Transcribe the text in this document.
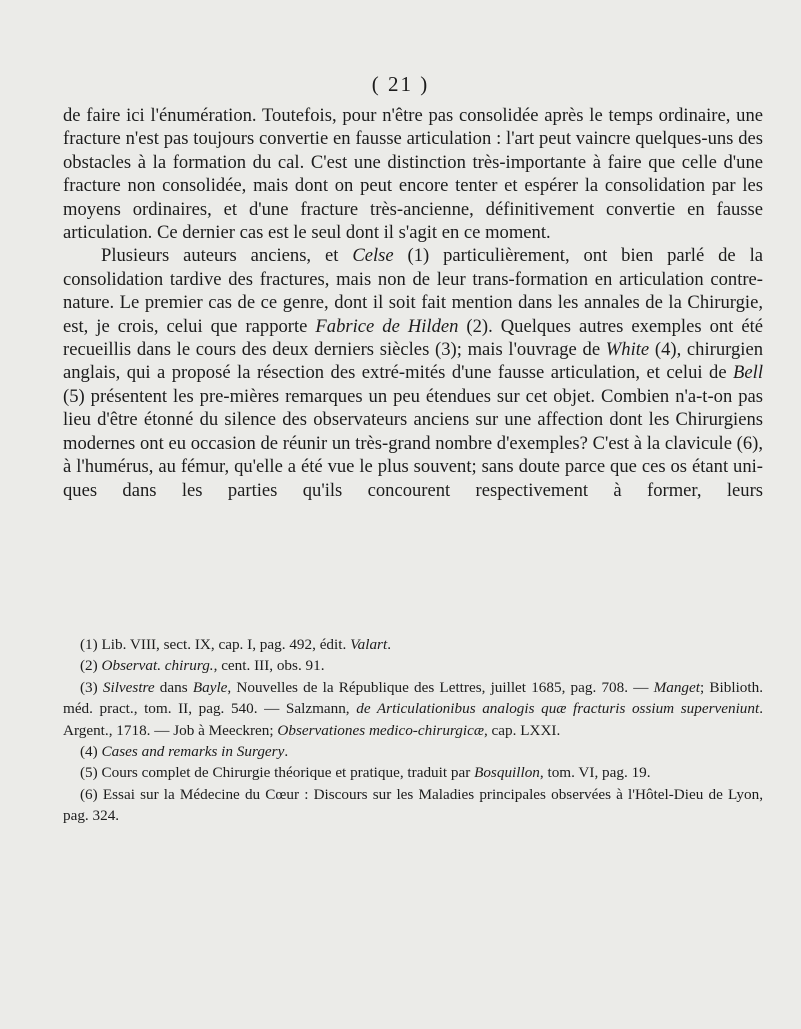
( 21 )

de faire ici l'énumération. Toutefois, pour n'être pas consolidée après le temps ordinaire, une fracture n'est pas toujours convertie en fausse articulation : l'art peut vaincre quelques-uns des obstacles à la formation du cal. C'est une distinction très-importante à faire que celle d'une fracture non consolidée, mais dont on peut encore tenter et espérer la consolidation par les moyens ordinaires, et d'une fracture très-ancienne, définitivement convertie en fausse articulation. Ce dernier cas est le seul dont il s'agit en ce moment.

Plusieurs auteurs anciens, et Celse (1) particulièrement, ont bien parlé de la consolidation tardive des fractures, mais non de leur trans-formation en articulation contre-nature. Le premier cas de ce genre, dont il soit fait mention dans les annales de la Chirurgie, est, je crois, celui que rapporte Fabrice de Hilden (2). Quelques autres exemples ont été recueillis dans le cours des deux derniers siècles (3); mais l'ouvrage de White (4), chirurgien anglais, qui a proposé la résection des extré-mités d'une fausse articulation, et celui de Bell (5) présentent les pre-mières remarques un peu étendues sur cet objet. Combien n'a-t-on pas lieu d'être étonné du silence des observateurs anciens sur une affection dont les Chirurgiens modernes ont eu occasion de réunir un très-grand nombre d'exemples? C'est à la clavicule (6), à l'humérus, au fémur, qu'elle a été vue le plus souvent; sans doute parce que ces os étant uni-ques dans les parties qu'ils concourent respectivement à former, leurs

(1) Lib. VIII, sect. IX, cap. I, pag. 492, édit. Valart.

(2) Observat. chirurg., cent. III, obs. 91.

(3) Silvestre dans Bayle, Nouvelles de la République des Lettres, juillet 1685, pag. 708. — Manget; Biblioth. méd. pract., tom. II, pag. 540. — Salzmann, de Articulationibus analogis quæ fracturis ossium superveniunt. Argent., 1718. — Job à Meeckren; Observationes medico-chirurgicæ, cap. LXXI.

(4) Cases and remarks in Surgery.

(5) Cours complet de Chirurgie théorique et pratique, traduit par Bosquillon, tom. VI, pag. 19.

(6) Essai sur la Médecine du Cœur : Discours sur les Maladies principales observées à l'Hôtel-Dieu de Lyon, pag. 324.
